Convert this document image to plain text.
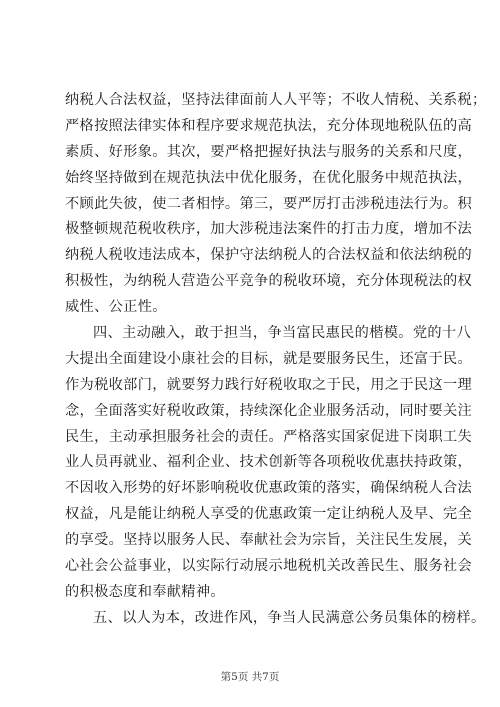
纳税人合法权益，坚持法律面前人人平等；不收人情税、关系税；
严格按照法律实体和程序要求规范执法，充分体现地税队伍的高
素质、好形象。其次，要严格把握好执法与服务的关系和尺度，
始终坚持做到在规范执法中优化服务，在优化服务中规范执法，
不顾此失彼，使二者相悖。第三，要严厉打击涉税违法行为。积
极整顿规范税收秩序，加大涉税违法案件的打击力度，增加不法
纳税人税收违法成本，保护守法纳税人的合法权益和依法纳税的
积极性，为纳税人营造公平竞争的税收环境，充分体现税法的权
威性、公正性。
四、主动融入，敢于担当，争当富民惠民的楷模。党的十八
大提出全面建设小康社会的目标，就是要服务民生，还富于民。
作为税收部门，就要努力践行好税收取之于民，用之于民这一理
念，全面落实好税收政策，持续深化企业服务活动，同时要关注
民生，主动承担服务社会的责任。严格落实国家促进下岗职工失
业人员再就业、福利企业、技术创新等各项税收优惠扶持政策，
不因收入形势的好坏影响税收优惠政策的落实，确保纳税人合法
权益，凡是能让纳税人享受的优惠政策一定让纳税人及早、完全
的享受。坚持以服务人民、奉献社会为宗旨，关注民生发展，关
心社会公益事业，以实际行动展示地税机关改善民生、服务社会
的积极态度和奉献精神。
五、以人为本，改进作风，争当人民满意公务员集体的榜样。
第5页 共7页
